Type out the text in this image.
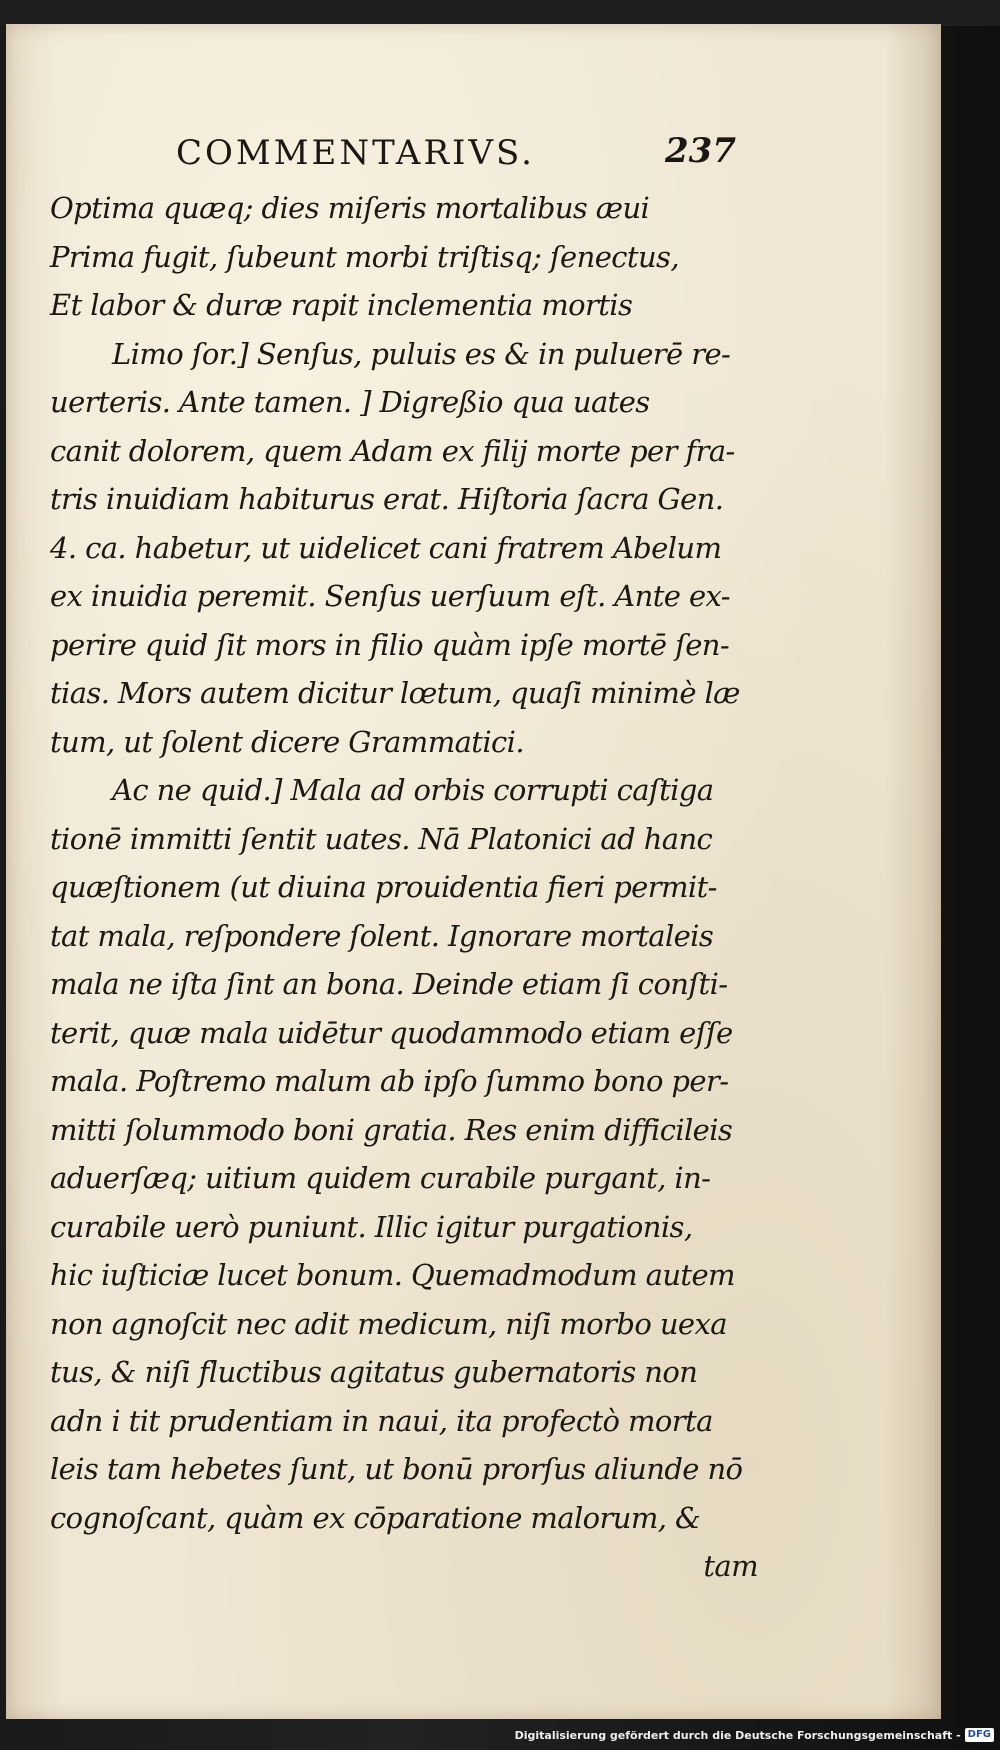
COMMENTARIVS.	237
Optima quæq; dies miſeris mortalibus æui
Prima fugit, ſubeunt morbi triſtisq; ſenectus,
Et labor & duræ rapit inclementia mortis
Limo ſor.] Senſus, puluis es & in puluerē re-
uerteris. Ante tamen. ] Digreßio qua uates
canit dolorem, quem Adam ex filij morte per fra-
tris inuidiam habiturus erat. Hiſtoria ſacra Gen.
4. ca. habetur, ut uidelicet cani fratrem Abelum
ex inuidia peremit. Senſus uerſuum eſt. Ante ex-
perire quid ſit mors in filio quàm ipſe mortē ſen-
tias. Mors autem dicitur lœtum, quaſi minimè læ
tum, ut ſolent dicere Grammatici.
Ac ne quid.] Mala ad orbis corrupti caſtiga
tionē immitti ſentit uates. Nā Platonici ad hanc
quæſtionem (ut diuina prouidentia fieri permit-
tat mala, reſpondere ſolent. Ignorare mortaleis
mala ne iſta ſint an bona. Deinde etiam ſi conſti-
terit, quæ mala uidētur quodammodo etiam eſſe
mala. Poſtremo malum ab ipſo ſummo bono per-
mitti ſolummodo boni gratia. Res enim difficileis
aduerſæq; uitium quidem curabile purgant, in-
curabile uerò puniunt. Illic igitur purgationis,
hic iuſticiæ lucet bonum. Quemadmodum autem
non agnoſcit nec adit medicum, niſi morbo uexa
tus, & niſi fluctibus agitatus gubernatoris non
adn i tit prudentiam in naui, ita profectò morta
leis tam hebetes ſunt, ut bonū prorſus aliunde nō
cognoſcant, quàm ex cōparatione malorum, &
tam
Digitalisierung gefördert durch die Deutsche Forschungsgemeinschaft - DFG
